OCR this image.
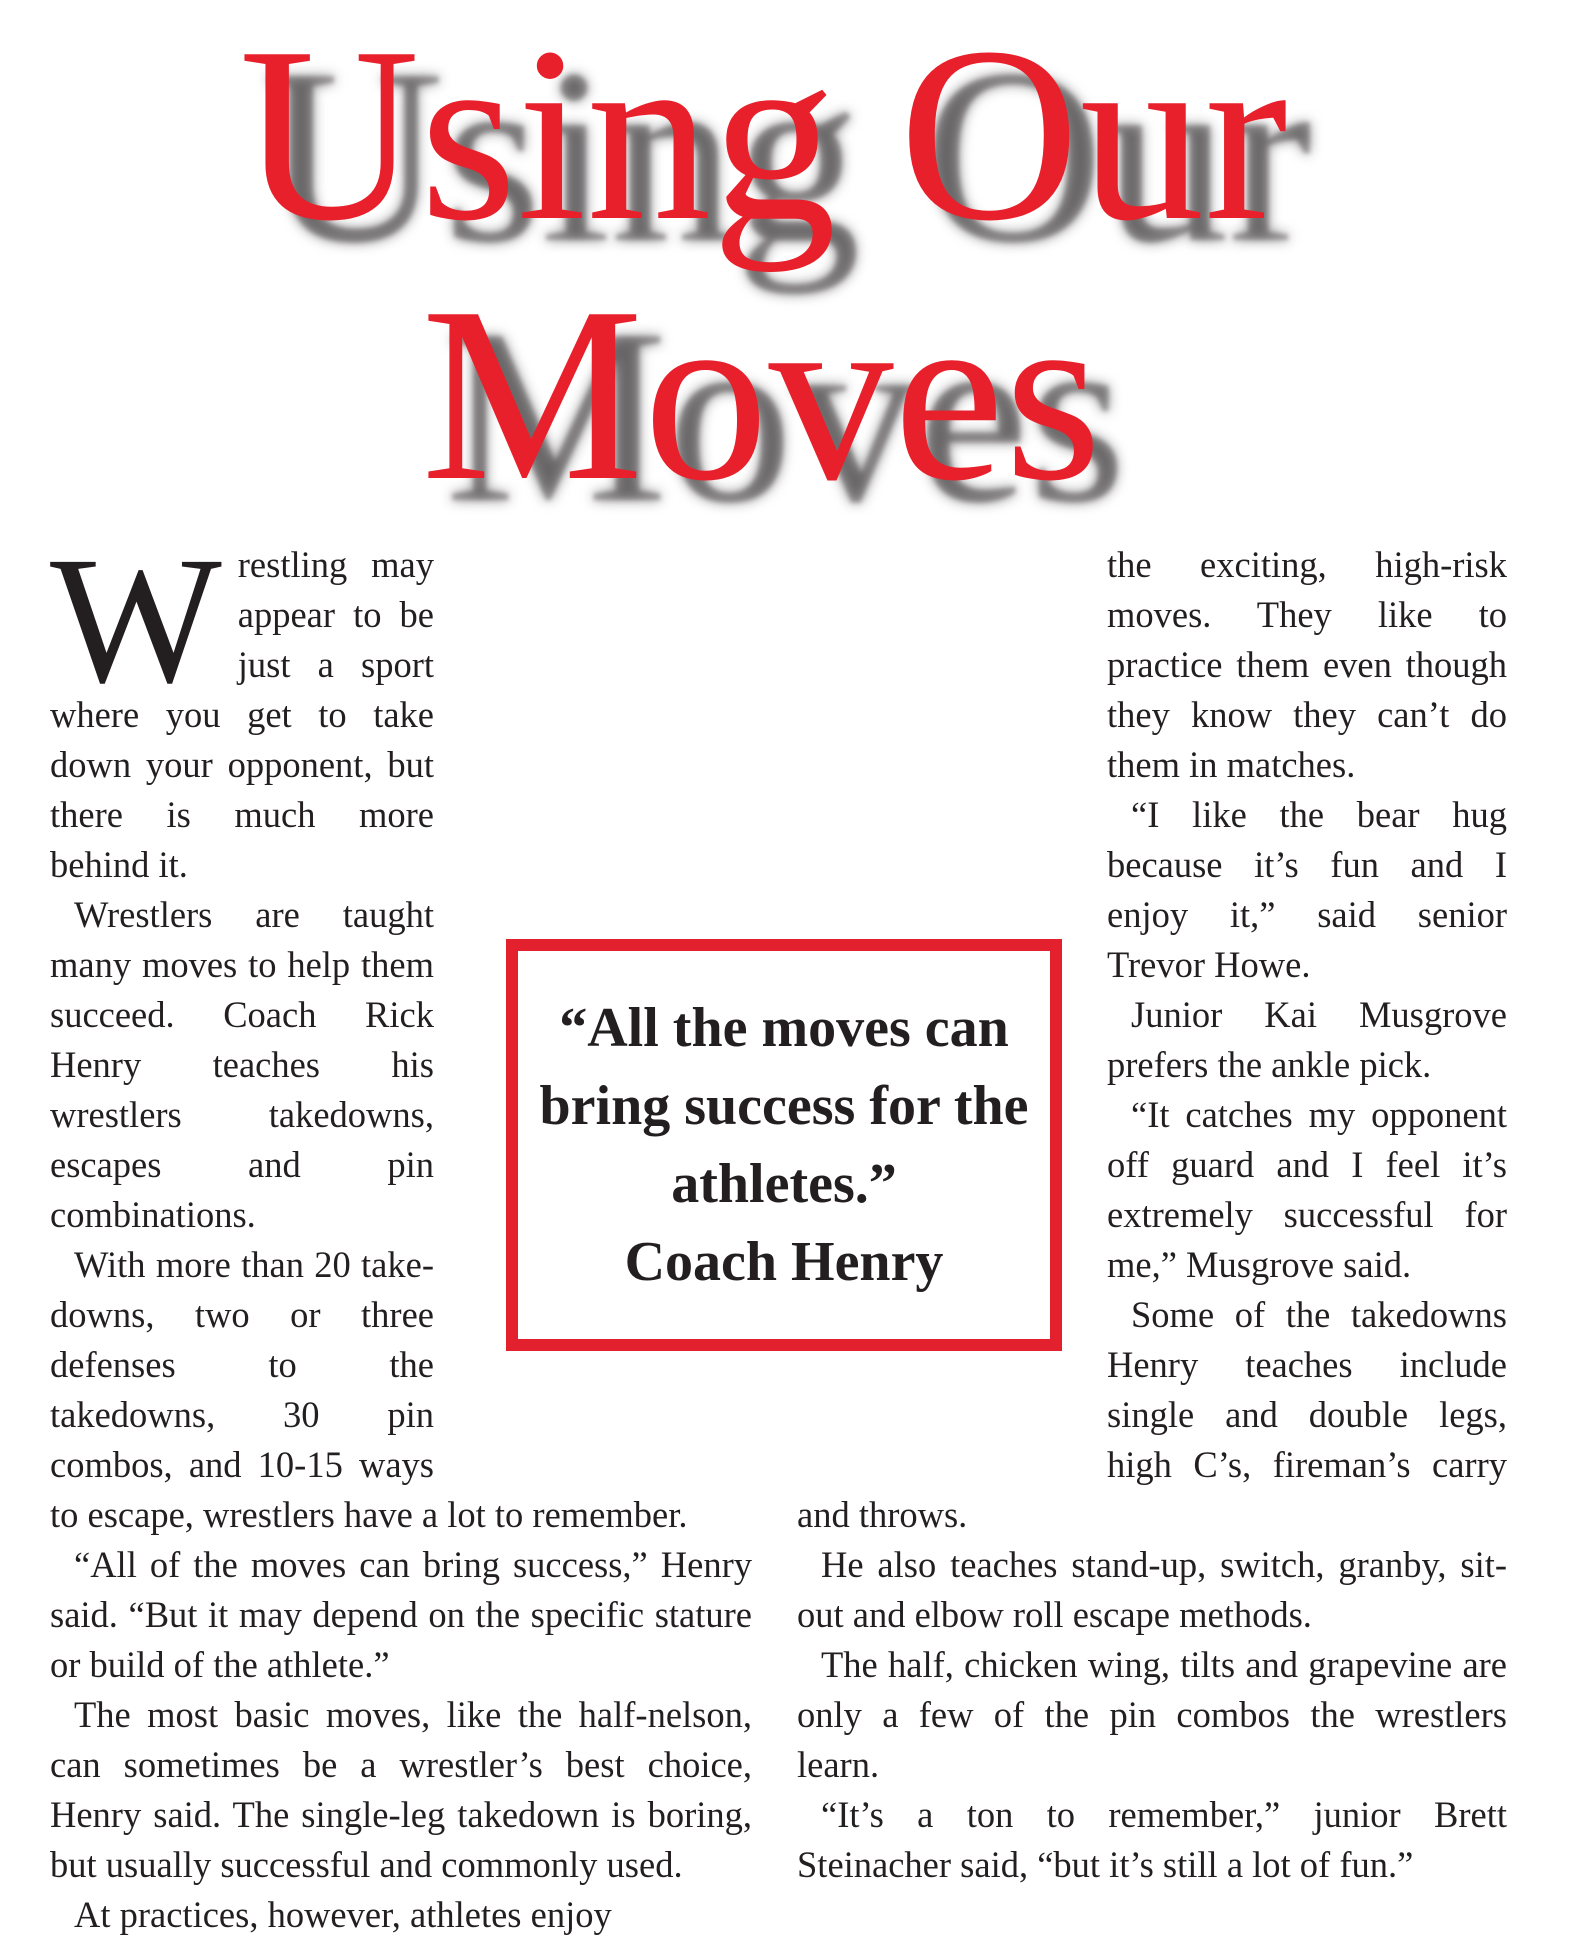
Using Our
Moves

Wrestling may appear to be just a sport where you get to take down your opponent, but there is much more behind it.

Wrestlers are taught many moves to help them succeed. Coach Rick Henry teaches his wrestlers takedowns, escapes and pin combinations.

With more than 20 take-downs, two or three defenses to the takedowns, 30 pin combos, and 10-15 ways to escape, wrestlers have a lot to remember.

“All of the moves can bring success,” Henry said. “But it may depend on the specific stature or build of the athlete.”

The most basic moves, like the half-nelson, can sometimes be a wrestler’s best choice, Henry said. The single-leg takedown is boring, but usually successful and commonly used.

At practices, however, athletes enjoy

the exciting, high-risk moves. They like to practice them even though they know they can’t do them in matches.

“I like the bear hug because it’s fun and I enjoy it,” said senior Trevor Howe.

Junior Kai Musgrove prefers the ankle pick.

“It catches my opponent off guard and I feel it’s extremely successful for me,” Musgrove said.

Some of the takedowns Henry teaches include single and double legs, high C’s, fireman’s carry and throws.

He also teaches stand-up, switch, granby, sit-out and elbow roll escape methods.

The half, chicken wing, tilts and grapevine are only a few of the pin combos the wrestlers learn.

“It’s a ton to remember,” junior Brett Steinacher said, “but it’s still a lot of fun.”

“All the moves can bring success for the athletes.”
Coach Henry
